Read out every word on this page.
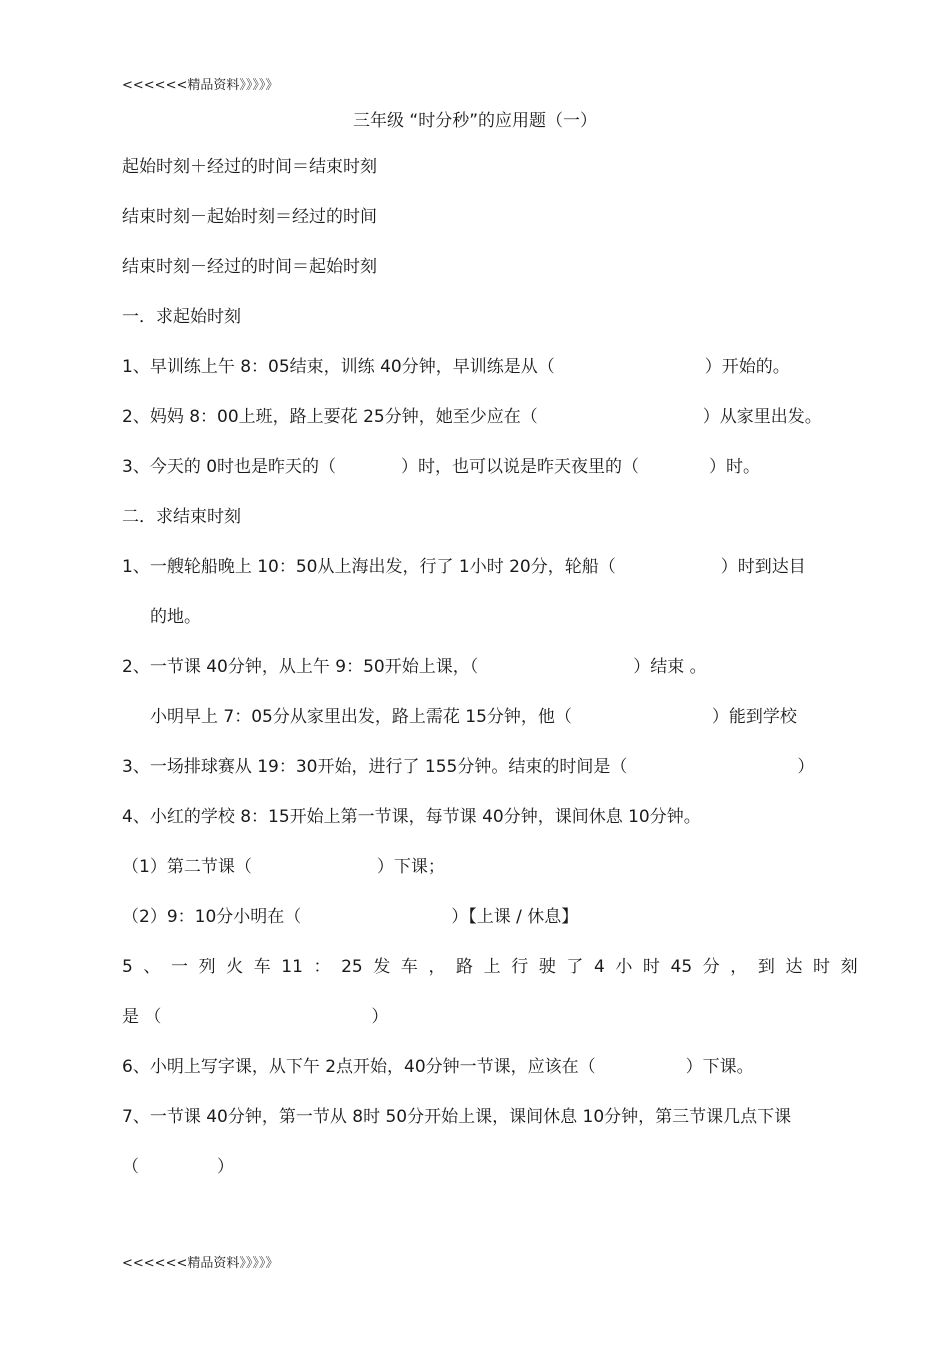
<<<<<<精品资料》》》》》
三年级 “时分秒”的应用题（一）
起始时刻＋经过的时间＝结束时刻
结束时刻－起始时刻＝经过的时间
结束时刻－经过的时间＝起始时刻
一．求起始时刻
1、早训练上午 8：05结束，训练 40分钟，早训练是从（	）开始的。
2、妈妈 8：00上班，路上要花 25分钟，她至少应在（	）从家里出发。
3、今天的 0时也是昨天的（	）时，也可以说是昨天夜里的（	）时。
二．求结束时刻
1、一艘轮船晚上 10：50从上海出发，行了 1小时 20分，轮船（	）时到达目
的地。
2、一节课 40分钟，从上午 9：50开始上课，（	）结束 。
小明早上 7：05分从家里出发，路上需花 15分钟，他（	）能到学校
3、一场排球赛从 19：30开始，进行了 155分钟。结束的时间是（	）
4、小红的学校 8：15开始上第一节课，每节课 40分钟，课间休息 10分钟。
（1）第二节课（	）下课；
（2）9：10分小明在（	）【上课 / 休息】
5 、 一 列 火 车 11 ： 25 发 车 ， 路 上 行 驶 了 4 小 时 45 分 ， 到 达 时 刻
是 （	）
6、小明上写字课，从下午 2点开始，40分钟一节课，应该在（	）下课。
7、一节课 40分钟，第一节从 8时 50分开始上课，课间休息 10分钟，第三节课几点下课
（	）
<<<<<<精品资料》》》》》
